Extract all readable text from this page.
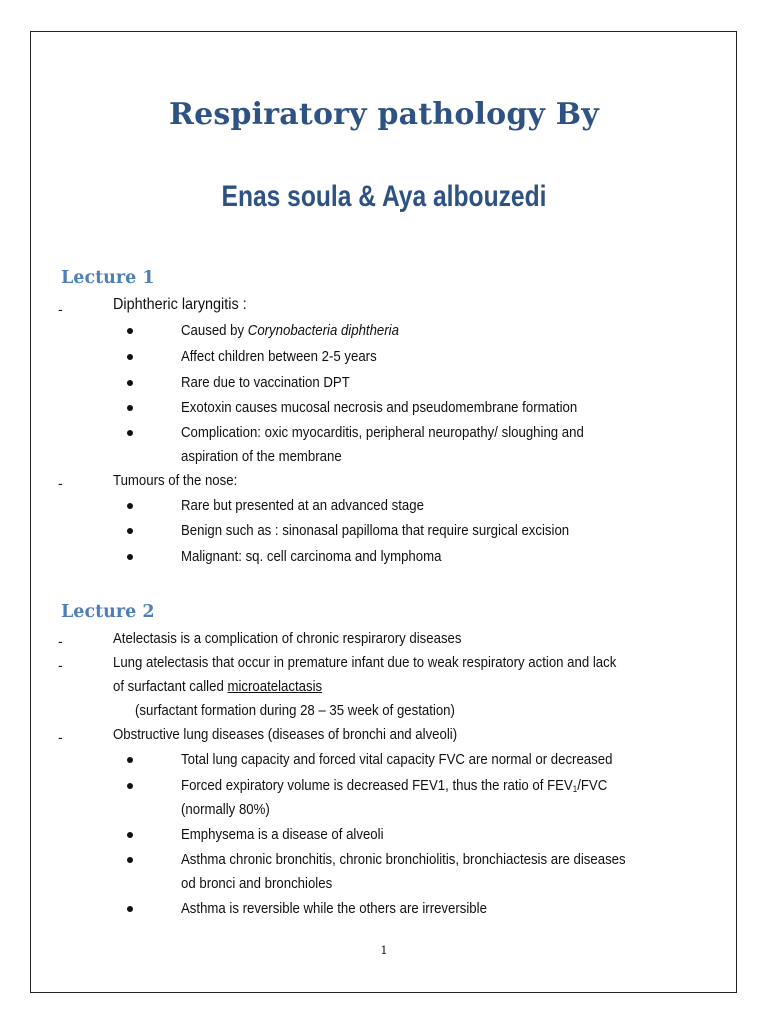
Respiratory pathology By
Enas soula & Aya albouzedi
Lecture 1
-	Diphtheric laryngitis :
Caused by Corynobacteria diphtheria
Affect children between 2-5 years
Rare due to vaccination DPT
Exotoxin causes mucosal necrosis and pseudomembrane formation
Complication: oxic myocarditis, peripheral neuropathy/ sloughing and
aspiration of the membrane
-	Tumours of the nose:
Rare but presented at an advanced stage
Benign such as : sinonasal papilloma that require surgical excision
Malignant: sq. cell carcinoma and lymphoma
Lecture 2
-	Atelectasis is a complication of chronic respirarory diseases
-	Lung atelectasis that occur in premature infant due to weak respiratory action and lack
of surfactant called microatelactasis
(surfactant formation during 28 – 35 week of gestation)
-	Obstructive lung diseases (diseases of bronchi and alveoli)
Total lung capacity and forced vital capacity FVC are normal or decreased
Forced expiratory volume is decreased FEV1, thus the ratio of $FEV_1$/FVC
(normally 80%)
Emphysema is a disease of alveoli
Asthma chronic bronchitis, chronic bronchiolitis, bronchiactesis are diseases
od bronci and bronchioles
Asthma is reversible while the others are irreversible
1
